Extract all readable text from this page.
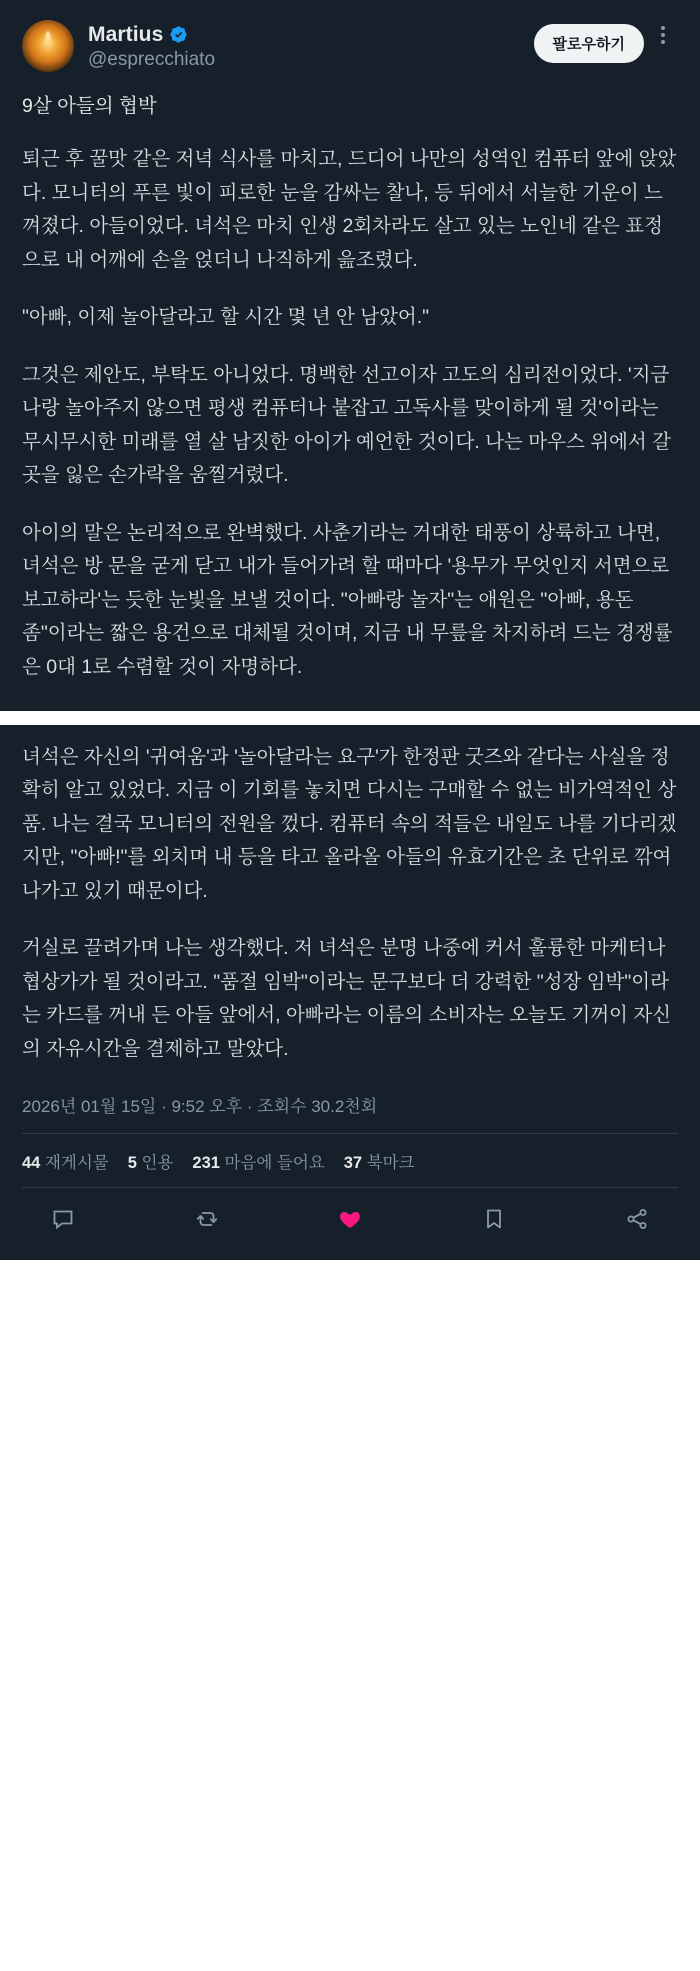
Martius
@esprecchiato
팔로우하기

9살 아들의 협박

퇴근 후 꿀맛 같은 저녁 식사를 마치고, 드디어 나만의 성역인 컴퓨터 앞에 앉았다. 모니터의 푸른 빛이 피로한 눈을 감싸는 찰나, 등 뒤에서 서늘한 기운이 느껴졌다. 아들이었다. 녀석은 마치 인생 2회차라도 살고 있는 노인네 같은 표정으로 내 어깨에 손을 얹더니 나직하게 읊조렸다.

"아빠, 이제 놀아달라고 할 시간 몇 년 안 남았어."

그것은 제안도, 부탁도 아니었다. 명백한 선고이자 고도의 심리전이었다. '지금 나랑 놀아주지 않으면 평생 컴퓨터나 붙잡고 고독사를 맞이하게 될 것'이라는 무시무시한 미래를 열 살 남짓한 아이가 예언한 것이다. 나는 마우스 위에서 갈 곳을 잃은 손가락을 움찔거렸다.

아이의 말은 논리적으로 완벽했다. 사춘기라는 거대한 태풍이 상륙하고 나면, 녀석은 방 문을 굳게 닫고 내가 들어가려 할 때마다 '용무가 무엇인지 서면으로 보고하라'는 듯한 눈빛을 보낼 것이다. "아빠랑 놀자"는 애원은 "아빠, 용돈 좀"이라는 짧은 용건으로 대체될 것이며, 지금 내 무릎을 차지하려 드는 경쟁률은 0대 1로 수렴할 것이 자명하다.

녀석은 자신의 '귀여움'과 '놀아달라는 요구'가 한정판 굿즈와 같다는 사실을 정확히 알고 있었다. 지금 이 기회를 놓치면 다시는 구매할 수 없는 비가역적인 상품. 나는 결국 모니터의 전원을 껐다. 컴퓨터 속의 적들은 내일도 나를 기다리겠지만, "아빠!"를 외치며 내 등을 타고 올라올 아들의 유효기간은 초 단위로 깎여나가고 있기 때문이다.

거실로 끌려가며 나는 생각했다. 저 녀석은 분명 나중에 커서 훌륭한 마케터나 협상가가 될 것이라고. "품절 임박"이라는 문구보다 더 강력한 "성장 임박"이라는 카드를 꺼내 든 아들 앞에서, 아빠라는 이름의 소비자는 오늘도 기꺼이 자신의 자유시간을 결제하고 말았다.

2026년 01월 15일 · 9:52 오후 · 조회수 30.2천회
44 재게시물 5 인용 231 마음에 들어요 37 북마크
